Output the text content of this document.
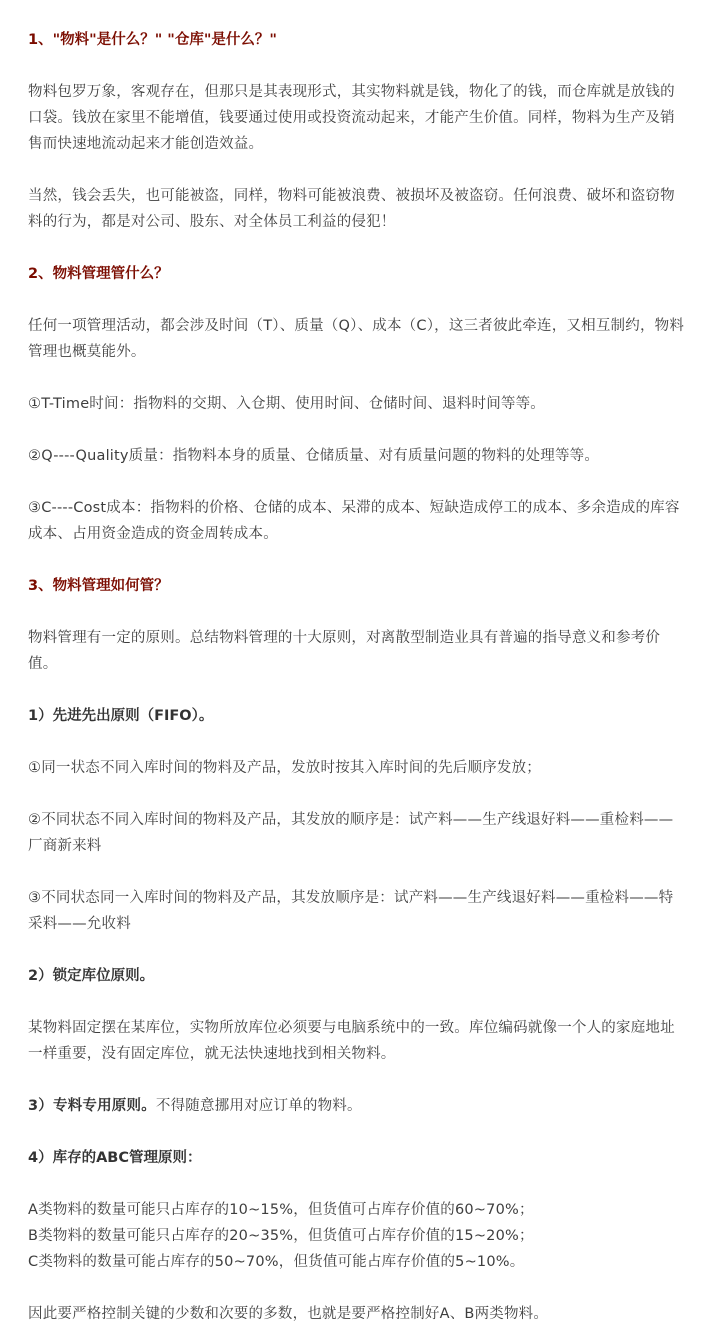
1、"物料"是什么？" "仓库"是什么？"
物料包罗万象，客观存在，但那只是其表现形式，其实物料就是钱，物化了的钱，而仓库就是放钱的口袋。钱放在家里不能增值，钱要通过使用或投资流动起来，才能产生价值。同样，物料为生产及销售而快速地流动起来才能创造效益。
当然，钱会丢失，也可能被盗，同样，物料可能被浪费、被损坏及被盗窃。任何浪费、破坏和盗窃物料的行为，都是对公司、股东、对全体员工利益的侵犯！
2、物料管理管什么？
任何一项管理活动，都会涉及时间（T）、质量（Q）、成本（C），这三者彼此牵连，又相互制约，物料管理也概莫能外。
①T-Time时间：指物料的交期、入仓期、使用时间、仓储时间、退料时间等等。
②Q----Quality质量：指物料本身的质量、仓储质量、对有质量问题的物料的处理等等。
③C----Cost成本：指物料的价格、仓储的成本、呆滞的成本、短缺造成停工的成本、多余造成的库容成本、占用资金造成的资金周转成本。
3、物料管理如何管？
物料管理有一定的原则。总结物料管理的十大原则，对离散型制造业具有普遍的指导意义和参考价值。
1）先进先出原则（FIFO）。
①同一状态不同入库时间的物料及产品，发放时按其入库时间的先后顺序发放；
②不同状态不同入库时间的物料及产品，其发放的顺序是：试产料——生产线退好料——重检料——厂商新来料
③不同状态同一入库时间的物料及产品，其发放顺序是：试产料——生产线退好料——重检料——特采料——允收料
2）锁定库位原则。
某物料固定摆在某库位，实物所放库位必须要与电脑系统中的一致。库位编码就像一个人的家庭地址一样重要，没有固定库位，就无法快速地找到相关物料。
3）专料专用原则。不得随意挪用对应订单的物料。
4）库存的ABC管理原则：
A类物料的数量可能只占库存的10~15%，但货值可占库存价值的60~70%；
B类物料的数量可能只占库存的20~35%，但货值可占库存价值的15~20%；
C类物料的数量可能占库存的50~70%，但货值可能占库存价值的5~10%。
因此要严格控制关键的少数和次要的多数，也就是要严格控制好A、B两类物料。
